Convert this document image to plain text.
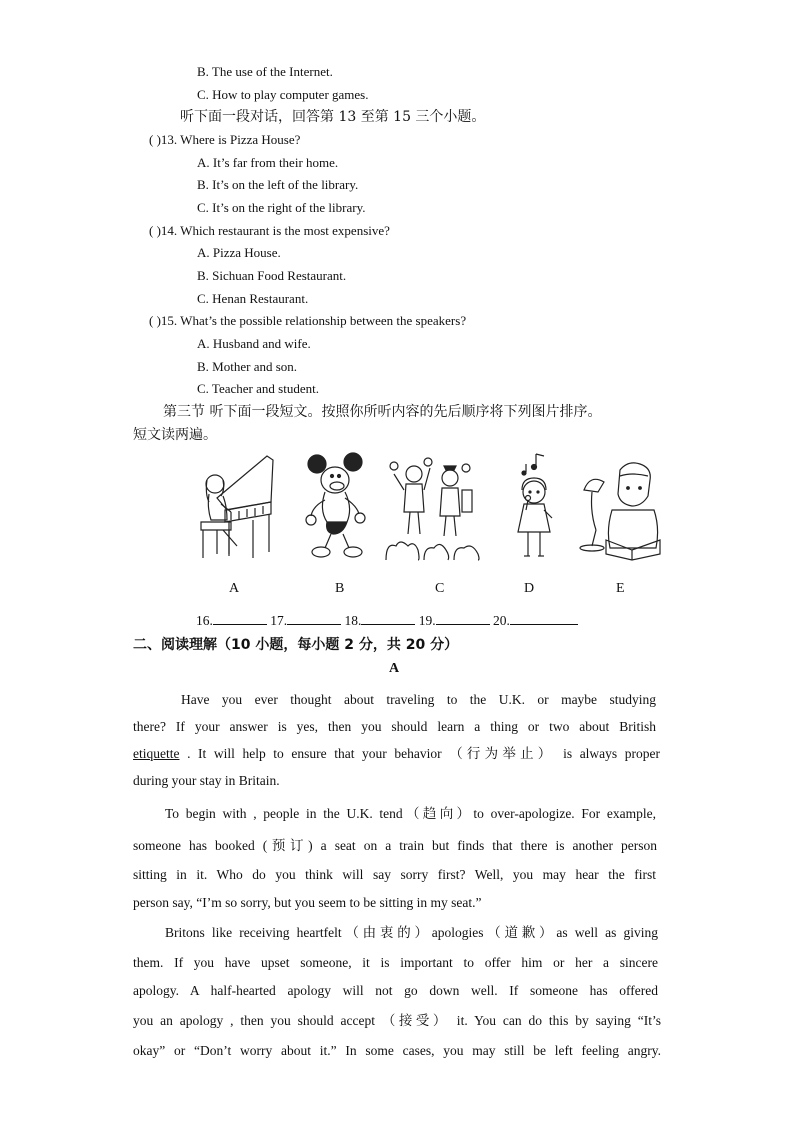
B. The use of the Internet.
C. How to play computer games.
听下面一段对话，回答第 13 至第 15 三个小题。
( )13. Where is Pizza House?
A. It’s far from their home.
B. It’s on the left of the library.
C. It’s on the right of the library.
( )14. Which restaurant is the most expensive?
A. Pizza House.
B. Sichuan Food Restaurant.
C. Henan Restaurant.
( )15. What’s the possible relationship between the speakers?
A. Husband and wife.
B. Mother and son.
C. Teacher and student.
第三节 听下面一段短文。按照你所听内容的先后顺序将下列图片排序。
短文读两遍。
A	B	C	D	E
16.	17.	18.	19.	20.
二、阅读理解（10 小题，每小题 2 分，共 20 分）
A
Have you ever thought about traveling to the U.K. or maybe studying
there? If your answer is yes, then you should learn a thing or two about British
etiquette . It will help to ensure that your behavior （行为举止） is always proper
during your stay in Britain.
To begin with , people in the U.K. tend（趋向）to over-apologize. For example,
someone has booked (预订) a seat on a train but finds that there is another person
sitting in it. Who do you think will say sorry first? Well, you may hear the first
person say, “I’m so sorry, but you seem to be sitting in my seat.”
Britons like receiving heartfelt（由衷的）apologies（道歉）as well as giving
them. If you have upset someone, it is important to offer him or her a sincere
apology. A half-hearted apology will not go down well. If someone has offered
you an apology , then you should accept （接受） it. You can do this by saying “It’s
okay” or “Don’t worry about it.” In some cases, you may still be left feeling angry.
